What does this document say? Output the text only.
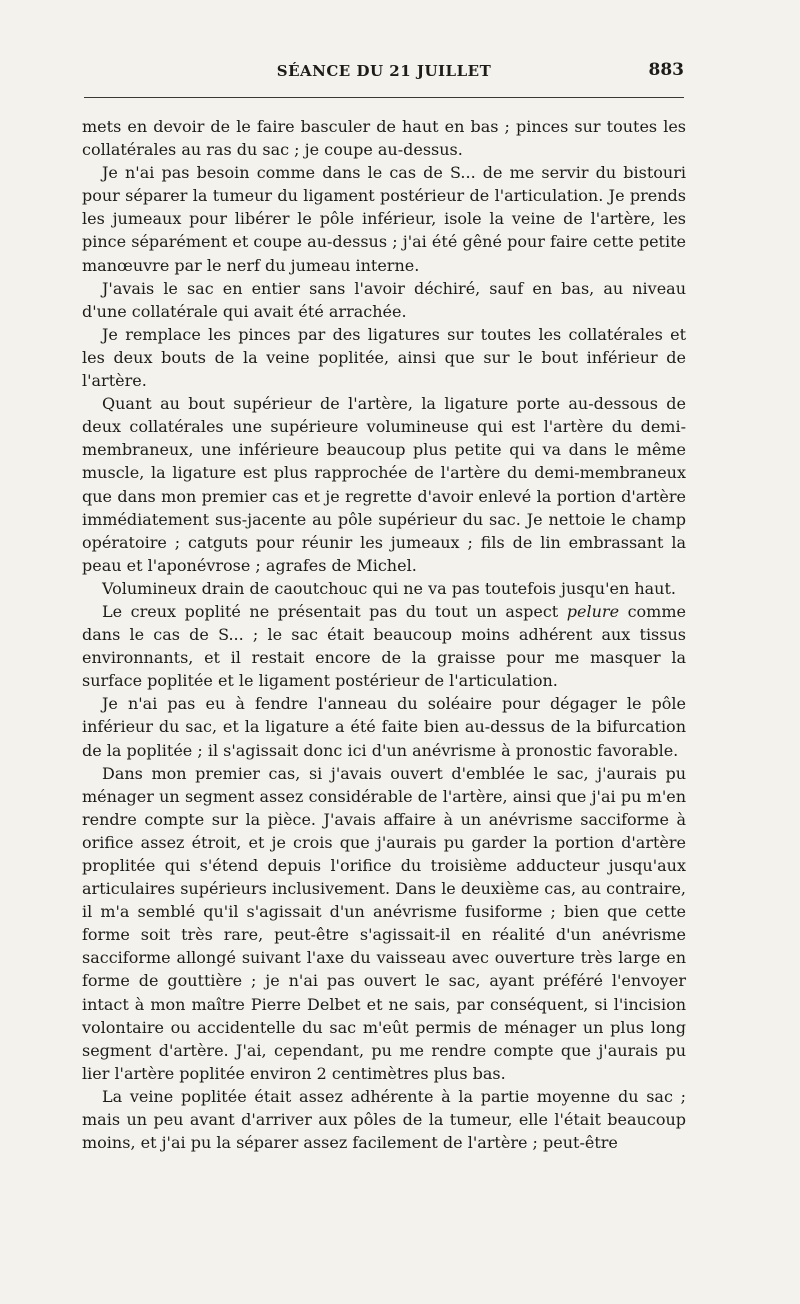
SÉANCE DU 21 JUILLET	883

mets en devoir de le faire basculer de haut en bas ; pinces sur toutes les collatérales au ras du sac ; je coupe au-dessus.

Je n'ai pas besoin comme dans le cas de S... de me servir du bistouri pour séparer la tumeur du ligament postérieur de l'articulation. Je prends les jumeaux pour libérer le pôle inférieur, isole la veine de l'artère, les pince séparément et coupe au-dessus ; j'ai été gêné pour faire cette petite manœuvre par le nerf du jumeau interne.

J'avais le sac en entier sans l'avoir déchiré, sauf en bas, au niveau d'une collatérale qui avait été arrachée.

Je remplace les pinces par des ligatures sur toutes les collatérales et les deux bouts de la veine poplitée, ainsi que sur le bout inférieur de l'artère.

Quant au bout supérieur de l'artère, la ligature porte au-dessous de deux collatérales une supérieure volumineuse qui est l'artère du demi-membraneux, une inférieure beaucoup plus petite qui va dans le même muscle, la ligature est plus rapprochée de l'artère du demi-membraneux que dans mon premier cas et je regrette d'avoir enlevé la portion d'artère immédiatement sus-jacente au pôle supérieur du sac. Je nettoie le champ opératoire ; catguts pour réunir les jumeaux ; fils de lin embrassant la peau et l'aponévrose ; agrafes de Michel.

Volumineux drain de caoutchouc qui ne va pas toutefois jusqu'en haut.

Le creux poplité ne présentait pas du tout un aspect pelure comme dans le cas de S... ; le sac était beaucoup moins adhérent aux tissus environnants, et il restait encore de la graisse pour me masquer la surface poplitée et le ligament postérieur de l'articulation.

Je n'ai pas eu à fendre l'anneau du soléaire pour dégager le pôle inférieur du sac, et la ligature a été faite bien au-dessus de la bifurcation de la poplitée ; il s'agissait donc ici d'un anévrisme à pronostic favorable.

Dans mon premier cas, si j'avais ouvert d'emblée le sac, j'aurais pu ménager un segment assez considérable de l'artère, ainsi que j'ai pu m'en rendre compte sur la pièce. J'avais affaire à un anévrisme sacciforme à orifice assez étroit, et je crois que j'aurais pu garder la portion d'artère proplitée qui s'étend depuis l'orifice du troisième adducteur jusqu'aux articulaires supérieurs inclusivement. Dans le deuxième cas, au contraire, il m'a semblé qu'il s'agissait d'un anévrisme fusiforme ; bien que cette forme soit très rare, peut-être s'agissait-il en réalité d'un anévrisme sacciforme allongé suivant l'axe du vaisseau avec ouverture très large en forme de gouttière ; je n'ai pas ouvert le sac, ayant préféré l'envoyer intact à mon maître Pierre Delbet et ne sais, par conséquent, si l'incision volontaire ou accidentelle du sac m'eût permis de ménager un plus long segment d'artère. J'ai, cependant, pu me rendre compte que j'aurais pu lier l'artère poplitée environ 2 centimètres plus bas.

La veine poplitée était assez adhérente à la partie moyenne du sac ; mais un peu avant d'arriver aux pôles de la tumeur, elle l'était beaucoup moins, et j'ai pu la séparer assez facilement de l'artère ; peut-être
